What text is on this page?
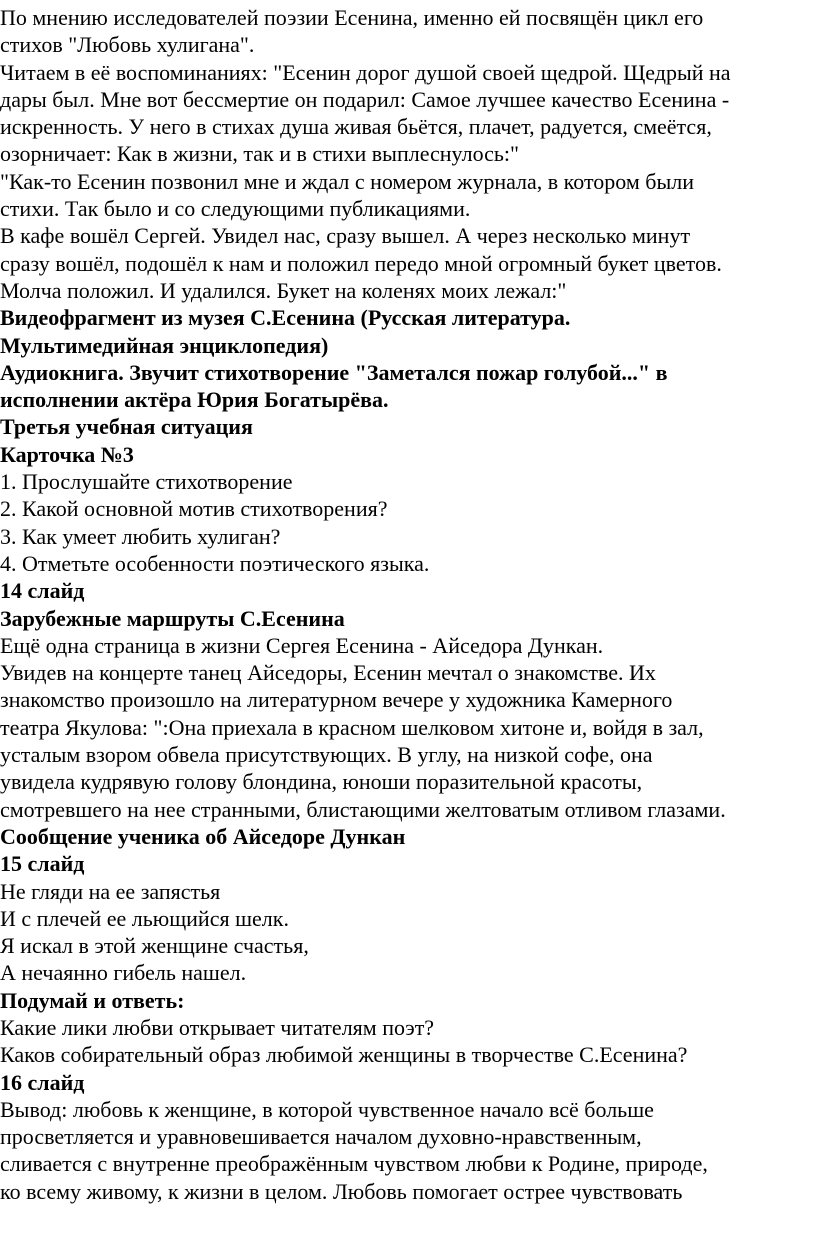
По мнению исследователей поэзии Есенина, именно ей посвящён цикл его

стихов "Любовь хулигана".

Читаем в её воспоминаниях: "Есенин дорог душой своей щедрой. Щедрый на

дары был. Мне вот бессмертие он подарил: Самое лучшее качество Есенина -

искренность. У него в стихах душа живая бьётся, плачет, радуется, смеётся,

озорничает: Как в жизни, так и в стихи выплеснулось:"

"Как-то Есенин позвонил мне и ждал с номером журнала, в котором были

стихи. Так было и со следующими публикациями.

В кафе вошёл Сергей. Увидел нас, сразу вышел. А через несколько минут

сразу вошёл, подошёл к нам и положил передо мной огромный букет цветов.

Молча положил. И удалился. Букет на коленях моих лежал:"

Видеофрагмент из музея С.Есенина (Русская литература.

Мультимедийная энциклопедия)

Аудиокнига. Звучит стихотворение "Заметался пожар голубой..." в

исполнении актёра Юрия Богатырёва.

Третья учебная ситуация

Карточка №3

1. Прослушайте стихотворение

2. Какой основной мотив стихотворения?

3. Как умеет любить хулиган?

4. Отметьте особенности поэтического языка.

14 слайд

Зарубежные маршруты С.Есенина

Ещё одна страница в жизни Сергея Есенина - Айседора Дункан.

Увидев на концерте танец Айседоры, Есенин мечтал о знакомстве. Их

знакомство произошло на литературном вечере у художника Камерного

театра Якулова: ":Она приехала в красном шелковом хитоне и, войдя в зал,

усталым взором обвела присутствующих. В углу, на низкой софе, она

увидела кудрявую голову блондина, юноши поразительной красоты,

смотревшего на нее странными, блистающими желтоватым отливом глазами.

Сообщение ученика об Айседоре Дункан

15 слайд

Не гляди на ее запястья

И с плечей ее льющийся шелк.

Я искал в этой женщине счастья,

А нечаянно гибель нашел.

Подумай и ответь:

Какие лики любви открывает читателям поэт?

Каков собирательный образ любимой женщины в творчестве С.Есенина?

16 слайд

Вывод: любовь к женщине, в которой чувственное начало всё больше

просветляется и уравновешивается началом духовно-нравственным,

сливается с внутренне преображённым чувством любви к Родине, природе,

ко всему живому, к жизни в целом. Любовь помогает острее чувствовать
